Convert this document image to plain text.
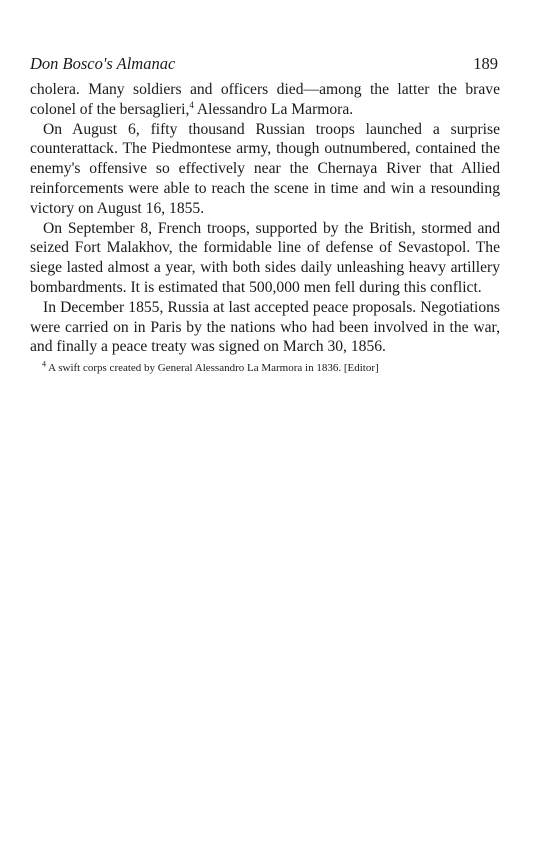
Don Bosco's Almanac	189

cholera. Many soldiers and officers died—among the latter the brave colonel of the bersaglieri,$^4$ Alessandro La Marmora.

On August 6, fifty thousand Russian troops launched a surprise counterattack. The Piedmontese army, though outnumbered, contained the enemy's offensive so effectively near the Chernaya River that Allied reinforcements were able to reach the scene in time and win a resounding victory on August 16, 1855.

On September 8, French troops, supported by the British, stormed and seized Fort Malakhov, the formidable line of defense of Sevastopol. The siege lasted almost a year, with both sides daily unleashing heavy artillery bombardments. It is estimated that 500,000 men fell during this conflict.

In December 1855, Russia at last accepted peace proposals. Negotiations were carried on in Paris by the nations who had been involved in the war, and finally a peace treaty was signed on March 30, 1856.

$^4$ A swift corps created by General Alessandro La Marmora in 1836. [Editor]
